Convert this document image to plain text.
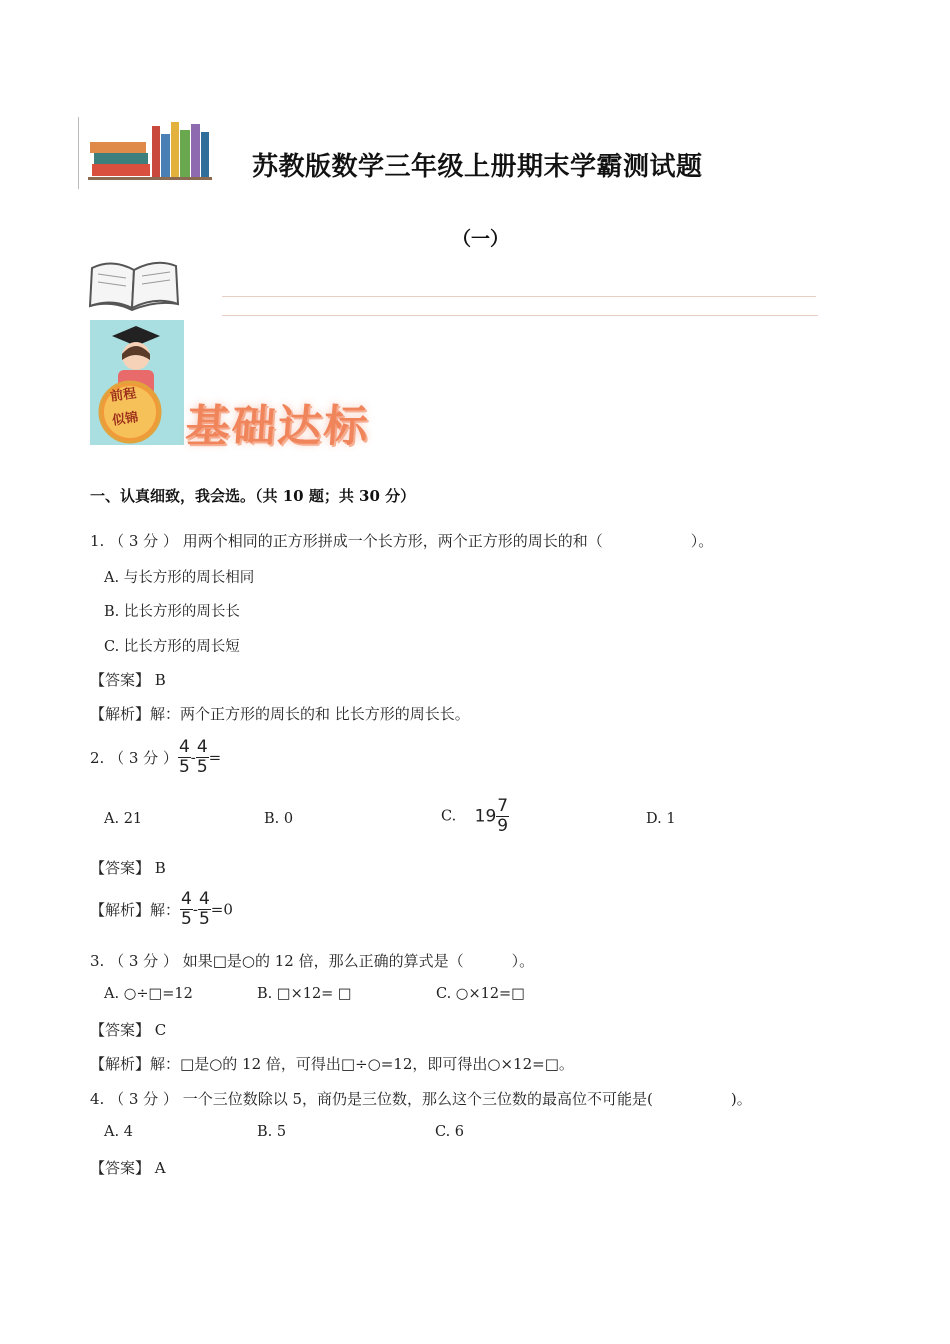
苏教版数学三年级上册期末学霸测试题
（一）
前程
似锦 基础达标
一、认真细致，我会选。（共 10 题；共 30 分）
1. （ 3 分 ） 用两个相同的正方形拼成一个长方形，两个正方形的周长的和（	）。
A. 与长方形的周长相同
B. 比长方形的周长长
C. 比长方形的周长短
【答案】 B
【解析】解：两个正方形的周长的和 比长方形的周长长。
2. （ 3 分 ） $\frac{4}{5} - \frac{4}{5}$ =
A. 21	B. 0	C. $19 \frac{7}{9}$	D. 1
【答案】 B
【解析】解： $\frac{4}{5} - \frac{4}{5} =0$
3. （ 3 分 ） 如果□是○的 12 倍，那么正确的算式是（	）。
A. ○÷□=12	B. □×12= □	C. ○×12=□
【答案】 C
【解析】解：□是○的 12 倍，可得出□÷○=12，即可得出○×12=□。
4. （ 3 分 ） 一个三位数除以 5，商仍是三位数，那么这个三位数的最高位不可能是(	)。
A. 4	B. 5	C. 6
【答案】 A
